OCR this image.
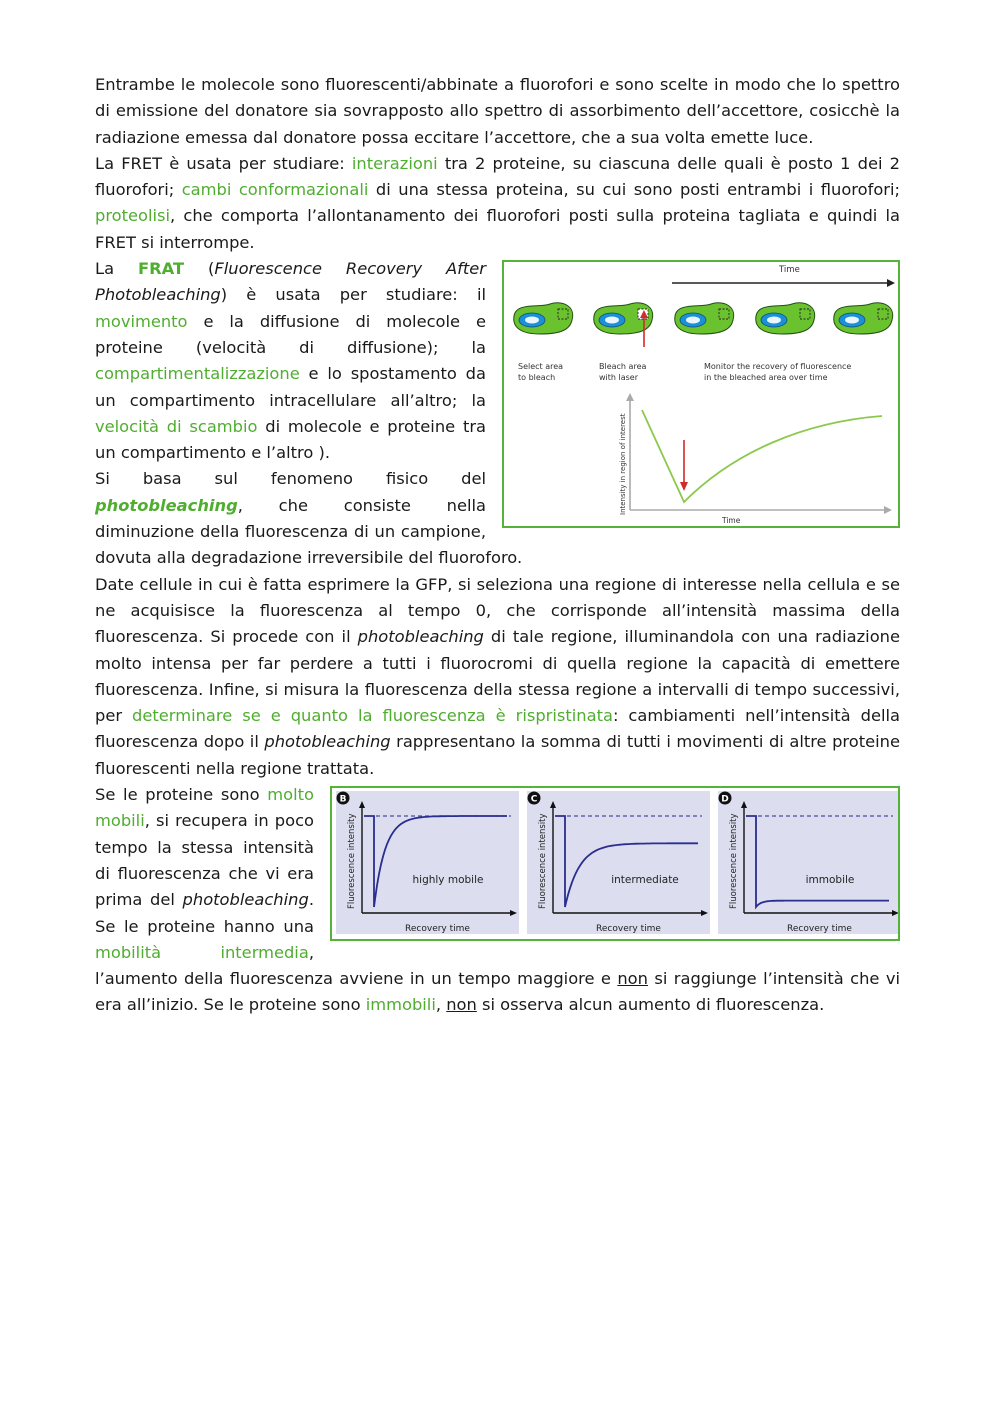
Entrambe le molecole sono fluorescenti/abbinate a fluorofori e sono scelte in modo che lo spettro di emissione del donatore sia sovrapposto allo spettro di assorbimento dell’accettore, cosicchè la radiazione emessa dal donatore possa eccitare l’accettore, che a sua volta emette luce.

La FRET è usata per studiare: interazioni tra 2 proteine, su ciascuna delle quali è posto 1 dei 2 fluorofori; cambi conformazionali di una stessa proteina, su cui sono posti entrambi i fluorofori; proteolisi, che comporta l’allontanamento dei fluorofori posti sulla proteina tagliata e quindi la FRET si interrompe.

Time
Select area
to bleach
Bleach area
with laser
Monitor the recovery of fluorescence
in the bleached area over time
Intensity in region of interest
Time

La FRAT (Fluorescence Recovery After Photobleaching) è usata per studiare: il movimento e la diffusione di molecole e proteine (velocità di diffusione); la compartimentalizzazione e lo spostamento da un compartimento intracellulare all’altro; la velocità di scambio di molecole e proteine tra un compartimento e l’altro ).

Si basa sul fenomeno fisico del photobleaching, che consiste nella diminuzione della fluorescenza di un campione, dovuta alla degradazione irreversibile del fluoroforo.

Date cellule in cui è fatta esprimere la GFP, si seleziona una regione di interesse nella cellula e se ne acquisisce la fluorescenza al tempo 0, che corrisponde all’intensità massima della fluorescenza. Si procede con il photobleaching di tale regione, illuminandola con una radiazione molto intensa per far perdere a tutti i fluorocromi di quella regione la capacità di emettere fluorescenza. Infine, si misura la fluorescenza della stessa regione a intervalli di tempo successivi, per determinare se e quanto la fluorescenza è rispristinata: cambiamenti nell’intensità della fluorescenza dopo il photobleaching rappresentano la somma di tutti i movimenti di altre proteine fluorescenti nella regione trattata.

B
Fluorescence intensity
Recovery time
highly mobile
C
Fluorescence intensity
Recovery time
intermediate
D
Fluorescence intensity
Recovery time
immobile

Se le proteine sono molto mobili, si recupera in poco tempo la stessa intensità di fluorescenza che vi era prima del photobleaching. Se le proteine hanno una mobilità intermedia, l’aumento della fluorescenza avviene in un tempo maggiore e non si raggiunge l’intensità che vi era all’inizio. Se le proteine sono immobili, non si osserva alcun aumento di fluorescenza.
